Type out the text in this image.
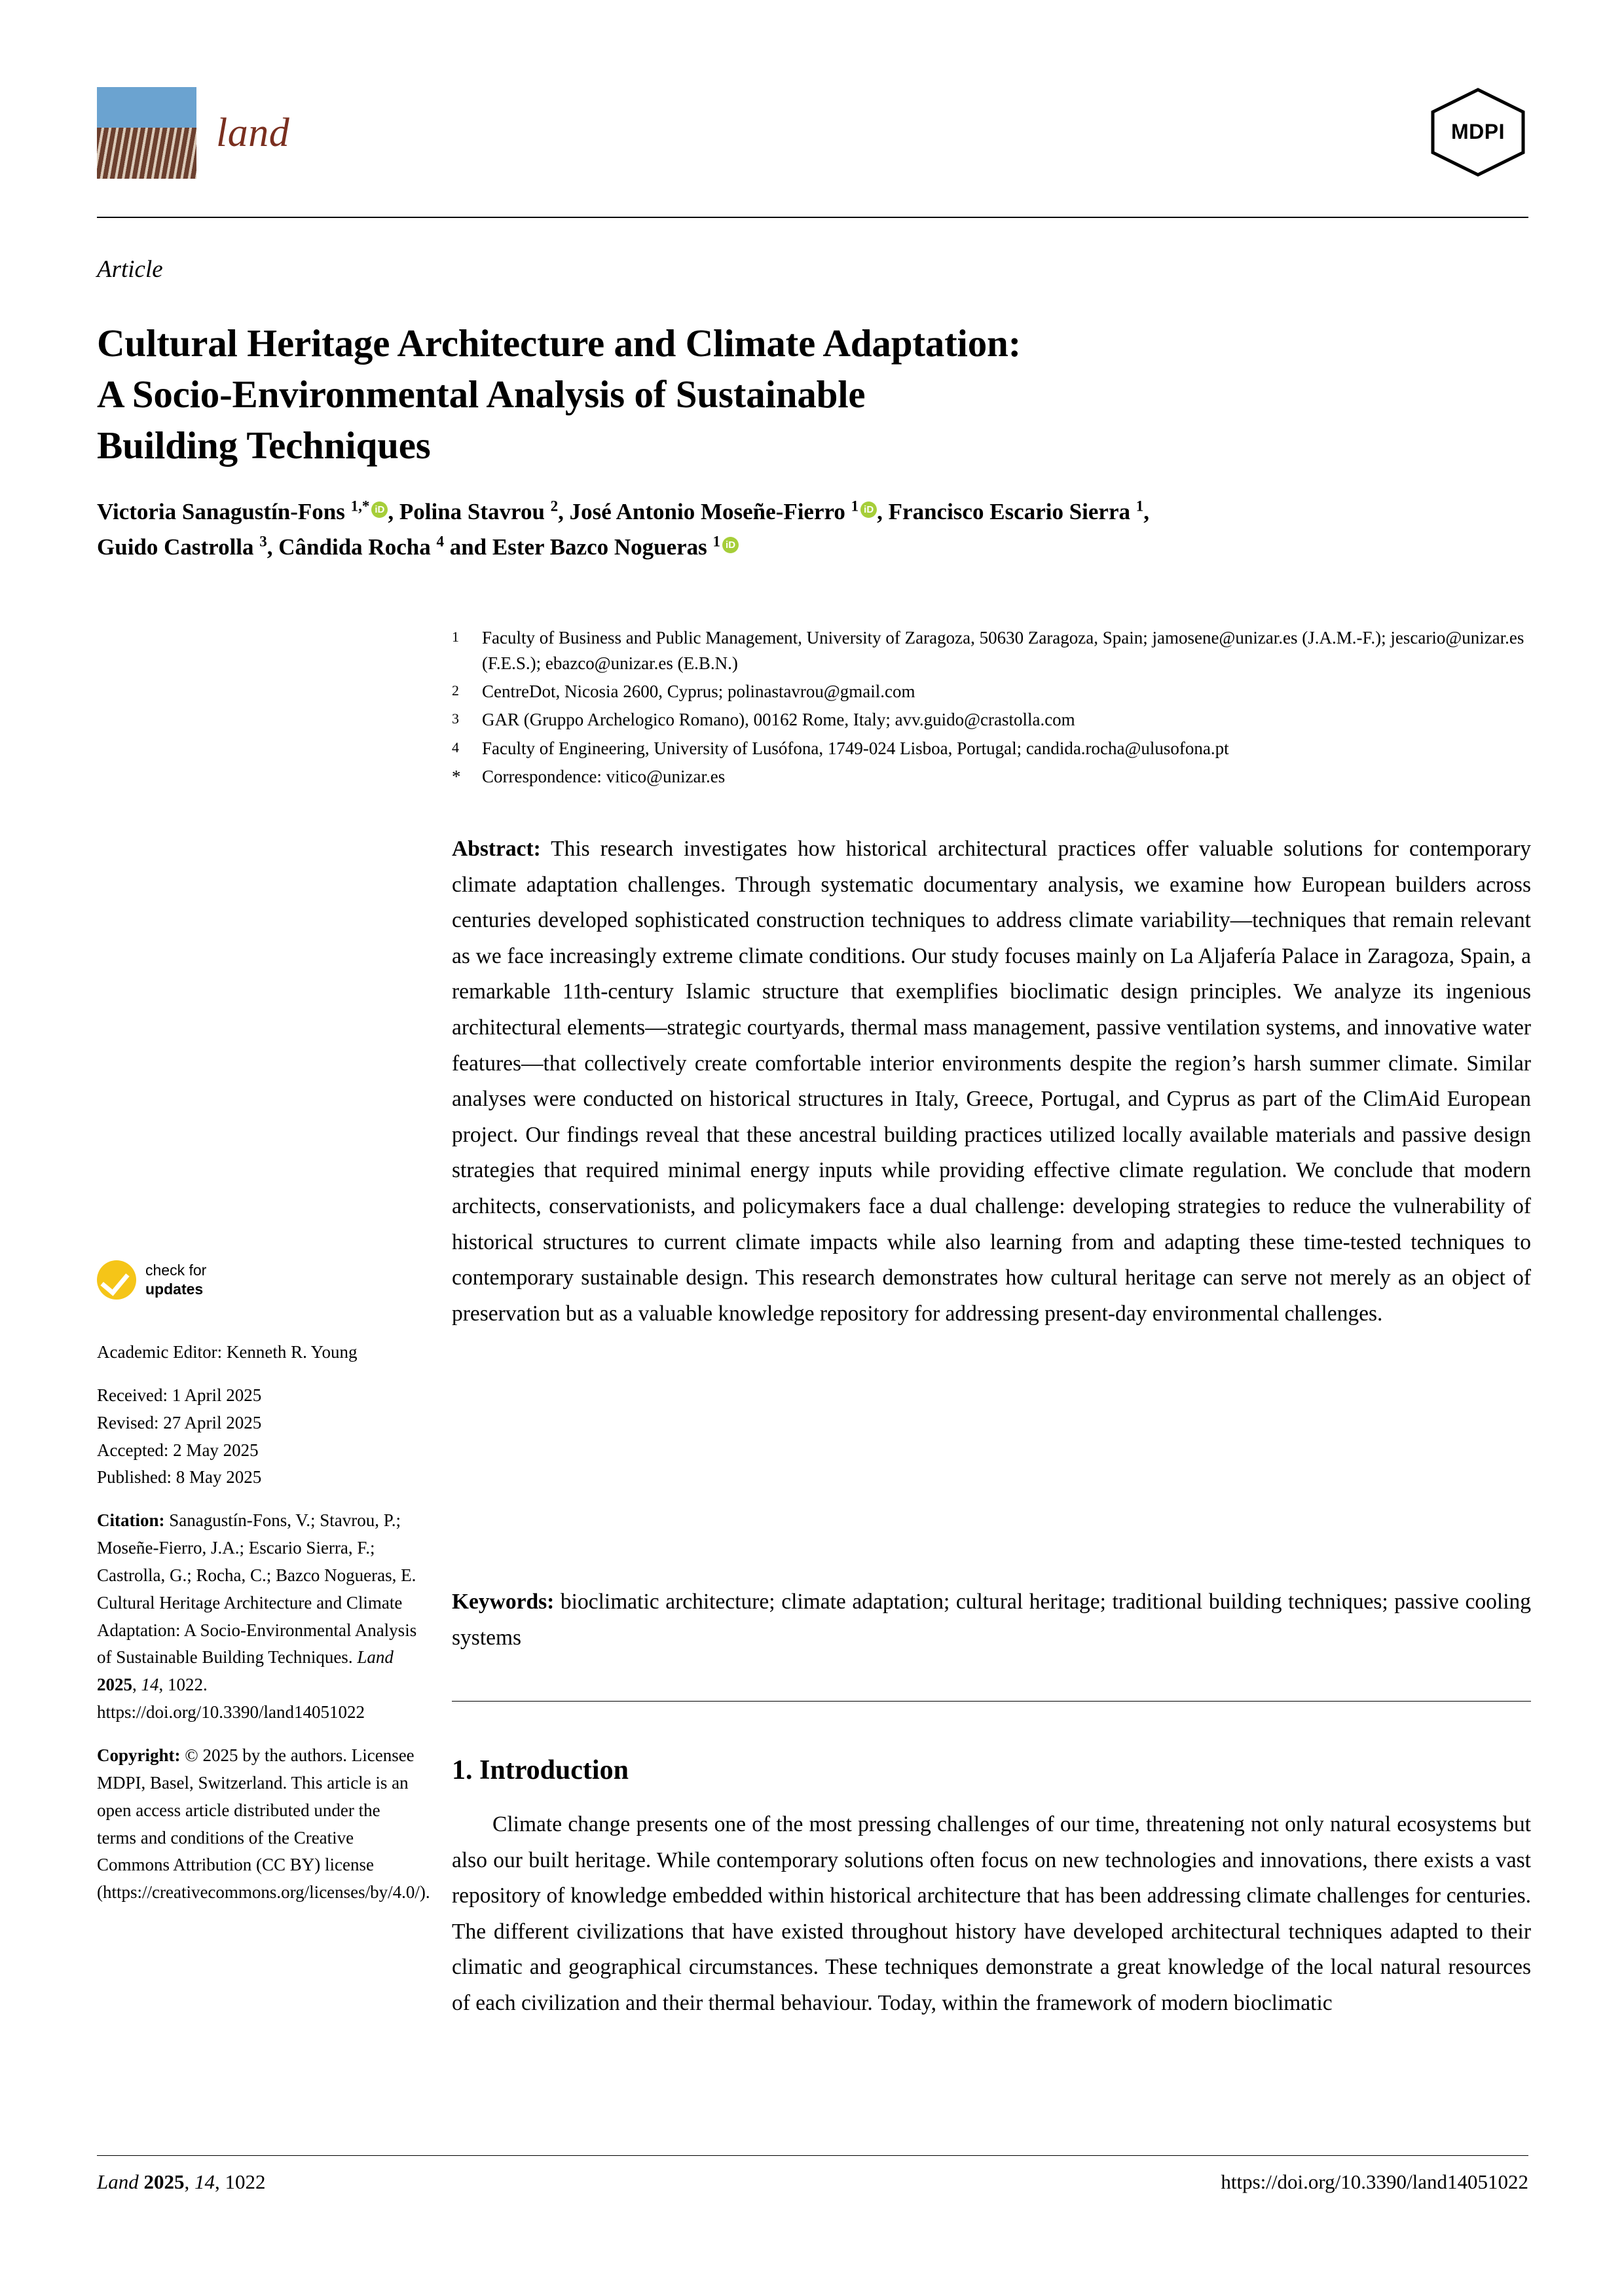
land	MDPI
Article
Cultural Heritage Architecture and Climate Adaptation:
A Socio-Environmental Analysis of Sustainable
Building Techniques
Victoria Sanagustín-Fons $^{1,*}$ iD , Polina Stavrou $^2$, José Antonio Moseñe-Fierro $^1$ iD , Francisco Escario Sierra $^1$,
Guido Castrolla $^3$, Cândida Rocha $^4$ and Ester Bazco Nogueras $^1$iD
1	Faculty of Business and Public Management, University of Zaragoza, 50630 Zaragoza, Spain; jamosene@unizar.es (J.A.M.-F.); jescario@unizar.es (F.E.S.); ebazco@unizar.es (E.B.N.)
2	CentreDot, Nicosia 2600, Cyprus; polinastavrou@gmail.com
3	GAR (Gruppo Archelogico Romano), 00162 Rome, Italy; avv.guido@crastolla.com
4	Faculty of Engineering, University of Lusófona, 1749-024 Lisboa, Portugal; candida.rocha@ulusofona.pt
*	Correspondence: vitico@unizar.es
Abstract: This research investigates how historical architectural practices offer valuable solutions for contemporary climate adaptation challenges. Through systematic documentary analysis, we examine how European builders across centuries developed sophisticated construction techniques to address climate variability—techniques that remain relevant as we face increasingly extreme climate conditions. Our study focuses mainly on La Aljafería Palace in Zaragoza, Spain, a remarkable 11th-century Islamic structure that exemplifies bioclimatic design principles. We analyze its ingenious architectural elements—strategic courtyards, thermal mass management, passive ventilation systems, and innovative water features—that collectively create comfortable interior environments despite the region’s harsh summer climate. Similar analyses were conducted on historical structures in Italy, Greece, Portugal, and Cyprus as part of the ClimAid European project. Our findings reveal that these ancestral building practices utilized locally available materials and passive design strategies that required minimal energy inputs while providing effective climate regulation. We conclude that modern architects, conservationists, and policymakers face a dual challenge: developing strategies to reduce the vulnerability of historical structures to current climate impacts while also learning from and adapting these time-tested techniques to contemporary sustainable design. This research demonstrates how cultural heritage can serve not merely as an object of preservation but as a valuable knowledge repository for addressing present-day environmental challenges.
Keywords: bioclimatic architecture; climate adaptation; cultural heritage; traditional building techniques; passive cooling systems
1. Introduction
Climate change presents one of the most pressing challenges of our time, threatening not only natural ecosystems but also our built heritage. While contemporary solutions often focus on new technologies and innovations, there exists a vast repository of knowledge embedded within historical architecture that has been addressing climate challenges for centuries. The different civilizations that have existed throughout history have developed architectural techniques adapted to their climatic and geographical circumstances. These techniques demonstrate a great knowledge of the local natural resources of each civilization and their thermal behaviour. Today, within the framework of modern bioclimatic
check for
updates
Academic Editor: Kenneth R. Young
Received: 1 April 2025
Revised: 27 April 2025
Accepted: 2 May 2025
Published: 8 May 2025
Citation: Sanagustín-Fons, V.; Stavrou, P.; Moseñe-Fierro, J.A.; Escario Sierra, F.; Castrolla, G.; Rocha, C.; Bazco Nogueras, E. Cultural Heritage Architecture and Climate Adaptation: A Socio-Environmental Analysis of Sustainable Building Techniques. Land 2025, 14, 1022. https://doi.org/10.3390/land14051022
Copyright: © 2025 by the authors. Licensee MDPI, Basel, Switzerland. This article is an open access article distributed under the terms and conditions of the Creative Commons Attribution (CC BY) license (https://creativecommons.org/licenses/by/4.0/).
Land 2025, 14, 1022	https://doi.org/10.3390/land14051022
